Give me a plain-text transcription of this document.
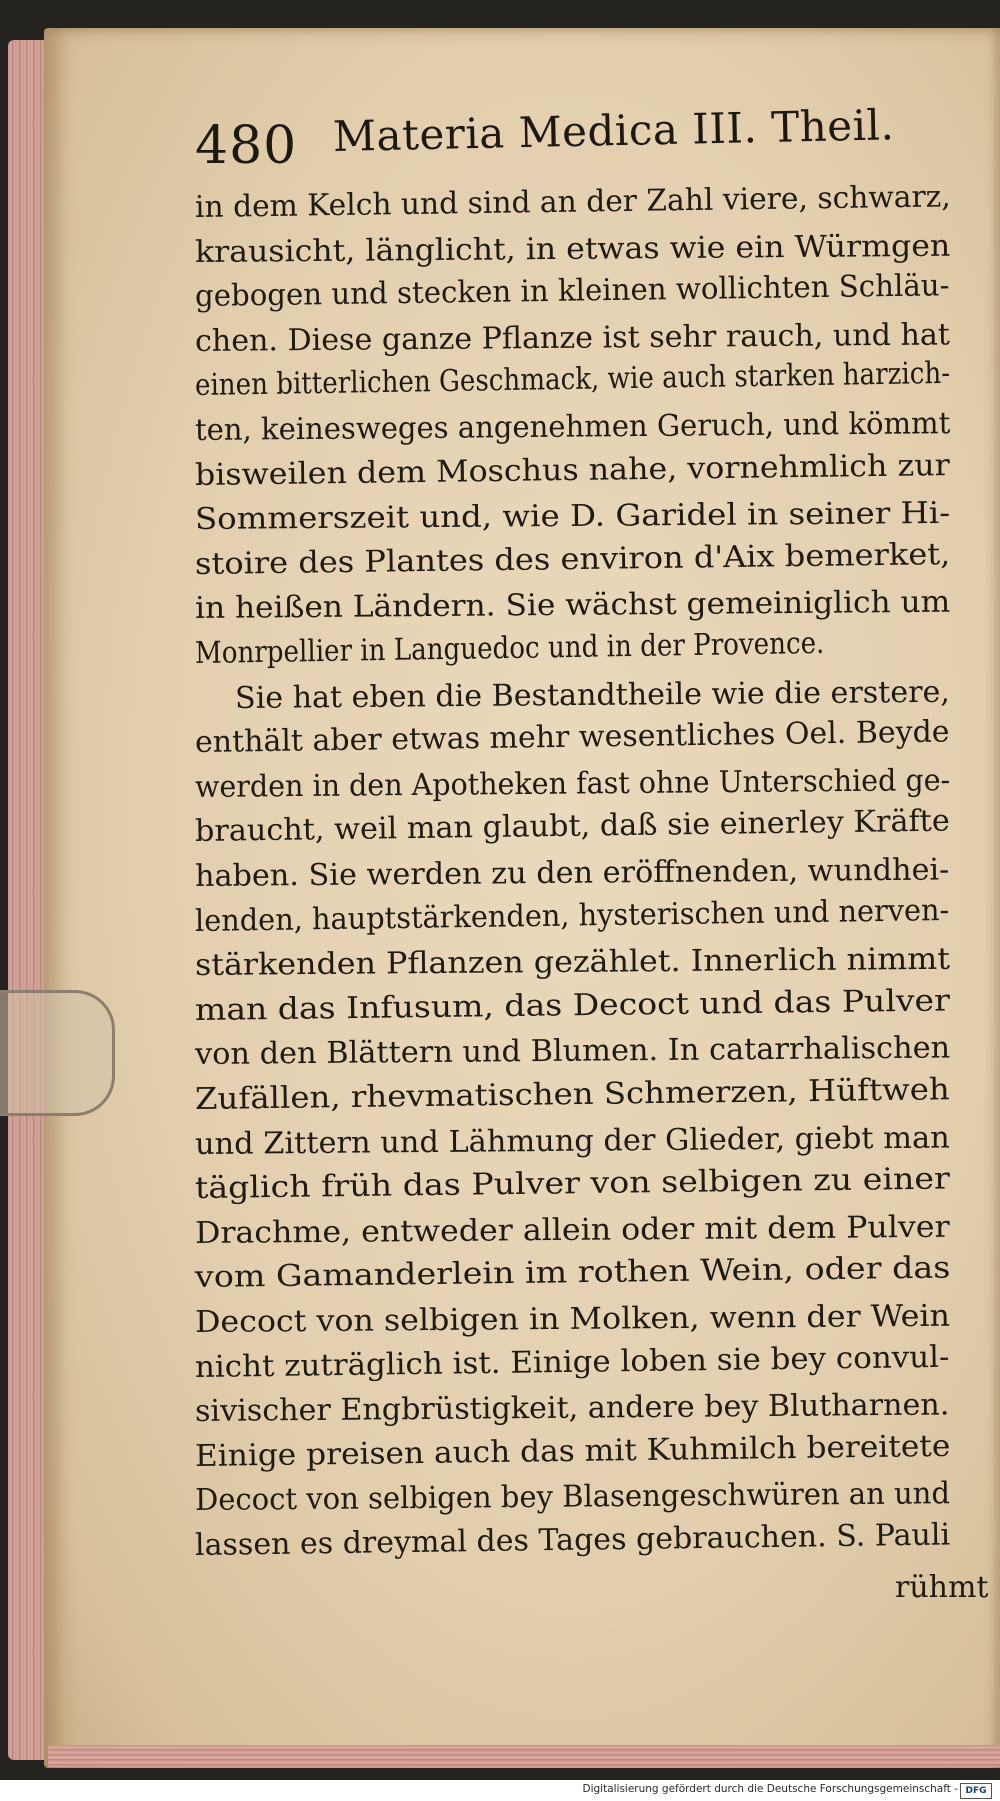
480 Materia Medica III. Theil.
in dem Kelch und sind an der Zahl viere, schwarz,
krausicht, länglicht, in etwas wie ein Würmgen
gebogen und stecken in kleinen wollichten Schläu-
chen. Diese ganze Pflanze ist sehr rauch, und hat
einen bitterlichen Geschmack, wie auch starken harzich-
ten, keinesweges angenehmen Geruch, und kömmt
bisweilen dem Moschus nahe, vornehmlich zur
Sommerszeit und, wie D. Garidel in seiner Hi-
stoire des Plantes des environ d'Aix bemerket,
in heißen Ländern. Sie wächst gemeiniglich um
Monrpellier in Languedoc und in der Provence.
Sie hat eben die Bestandtheile wie die erstere,
enthält aber etwas mehr wesentliches Oel. Beyde
werden in den Apotheken fast ohne Unterschied ge-
braucht, weil man glaubt, daß sie einerley Kräfte
haben. Sie werden zu den eröffnenden, wundhei-
lenden, hauptstärkenden, hysterischen und nerven-
stärkenden Pflanzen gezählet. Innerlich nimmt
man das Infusum, das Decoct und das Pulver
von den Blättern und Blumen. In catarrhalischen
Zufällen, rhevmatischen Schmerzen, Hüftweh
und Zittern und Lähmung der Glieder, giebt man
täglich früh das Pulver von selbigen zu einer
Drachme, entweder allein oder mit dem Pulver
vom Gamanderlein im rothen Wein, oder das
Decoct von selbigen in Molken, wenn der Wein
nicht zuträglich ist. Einige loben sie bey convul-
sivischer Engbrüstigkeit, andere bey Blutharnen.
Einige preisen auch das mit Kuhmilch bereitete
Decoct von selbigen bey Blasengeschwüren an und
lassen es dreymal des Tages gebrauchen. S. Pauli
rühmt
Digitalisierung gefördert durch die Deutsche Forschungsgemeinschaft - DFG
